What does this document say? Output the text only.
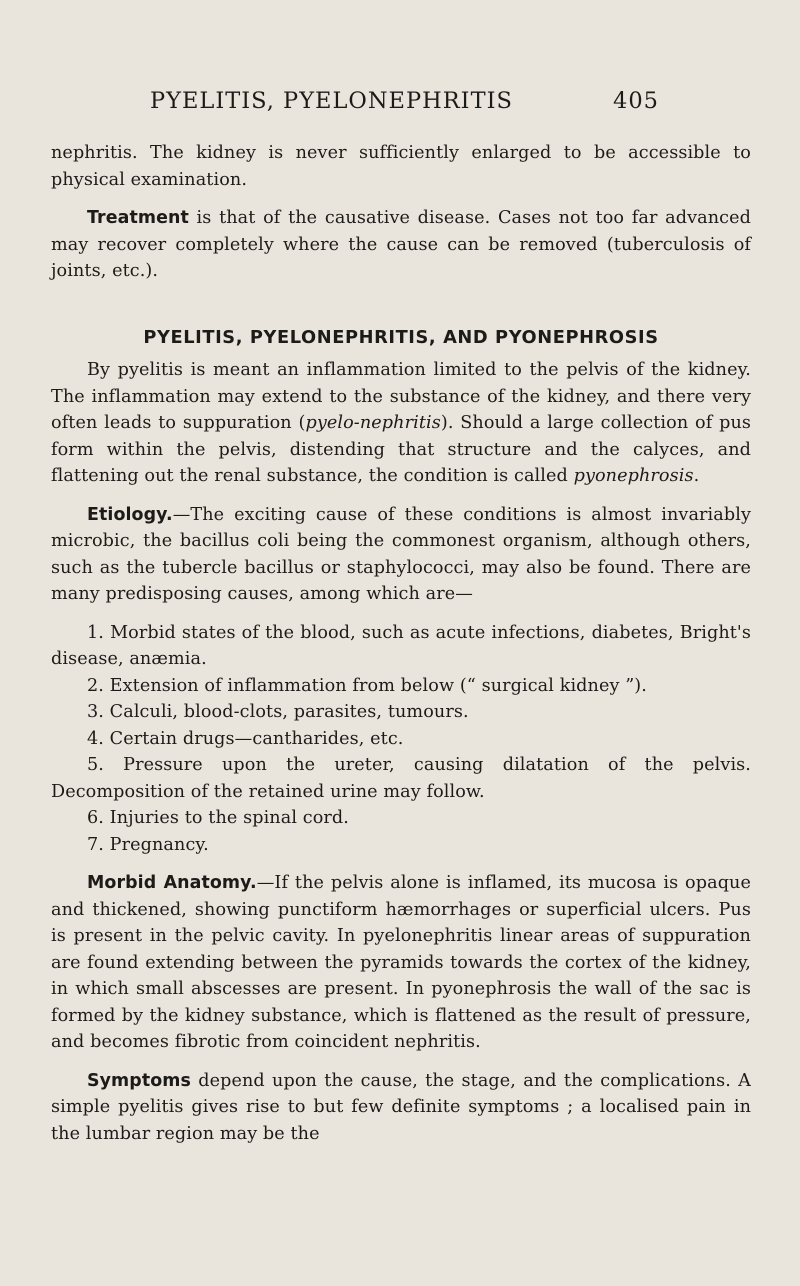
PYELITIS, PYELONEPHRITIS	405

nephritis. The kidney is never sufficiently enlarged to be accessible to physical examination.

Treatment is that of the causative disease. Cases not too far advanced may recover completely where the cause can be removed (tuberculosis of joints, etc.).

PYELITIS, PYELONEPHRITIS, AND PYONEPHROSIS

By pyelitis is meant an inflammation limited to the pelvis of the kidney. The inflammation may extend to the substance of the kidney, and there very often leads to suppuration (pyelo-nephritis). Should a large collection of pus form within the pelvis, distending that structure and the calyces, and flattening out the renal substance, the condition is called pyonephrosis.

Etiology.—The exciting cause of these conditions is almost invariably microbic, the bacillus coli being the commonest organism, although others, such as the tubercle bacillus or staphylococci, may also be found. There are many predisposing causes, among which are—

1. Morbid states of the blood, such as acute infections, diabetes, Bright's disease, anæmia.

2. Extension of inflammation from below (“ surgical kidney ”).

3. Calculi, blood-clots, parasites, tumours.

4. Certain drugs—cantharides, etc.

5. Pressure upon the ureter, causing dilatation of the pelvis. Decomposition of the retained urine may follow.

6. Injuries to the spinal cord.

7. Pregnancy.

Morbid Anatomy.—If the pelvis alone is inflamed, its mucosa is opaque and thickened, showing punctiform hæmorrhages or superficial ulcers. Pus is present in the pelvic cavity. In pyelonephritis linear areas of suppuration are found extending between the pyramids towards the cortex of the kidney, in which small abscesses are present. In pyonephrosis the wall of the sac is formed by the kidney substance, which is flattened as the result of pressure, and becomes fibrotic from coincident nephritis.

Symptoms depend upon the cause, the stage, and the complications. A simple pyelitis gives rise to but few definite symptoms ; a localised pain in the lumbar region may be the
